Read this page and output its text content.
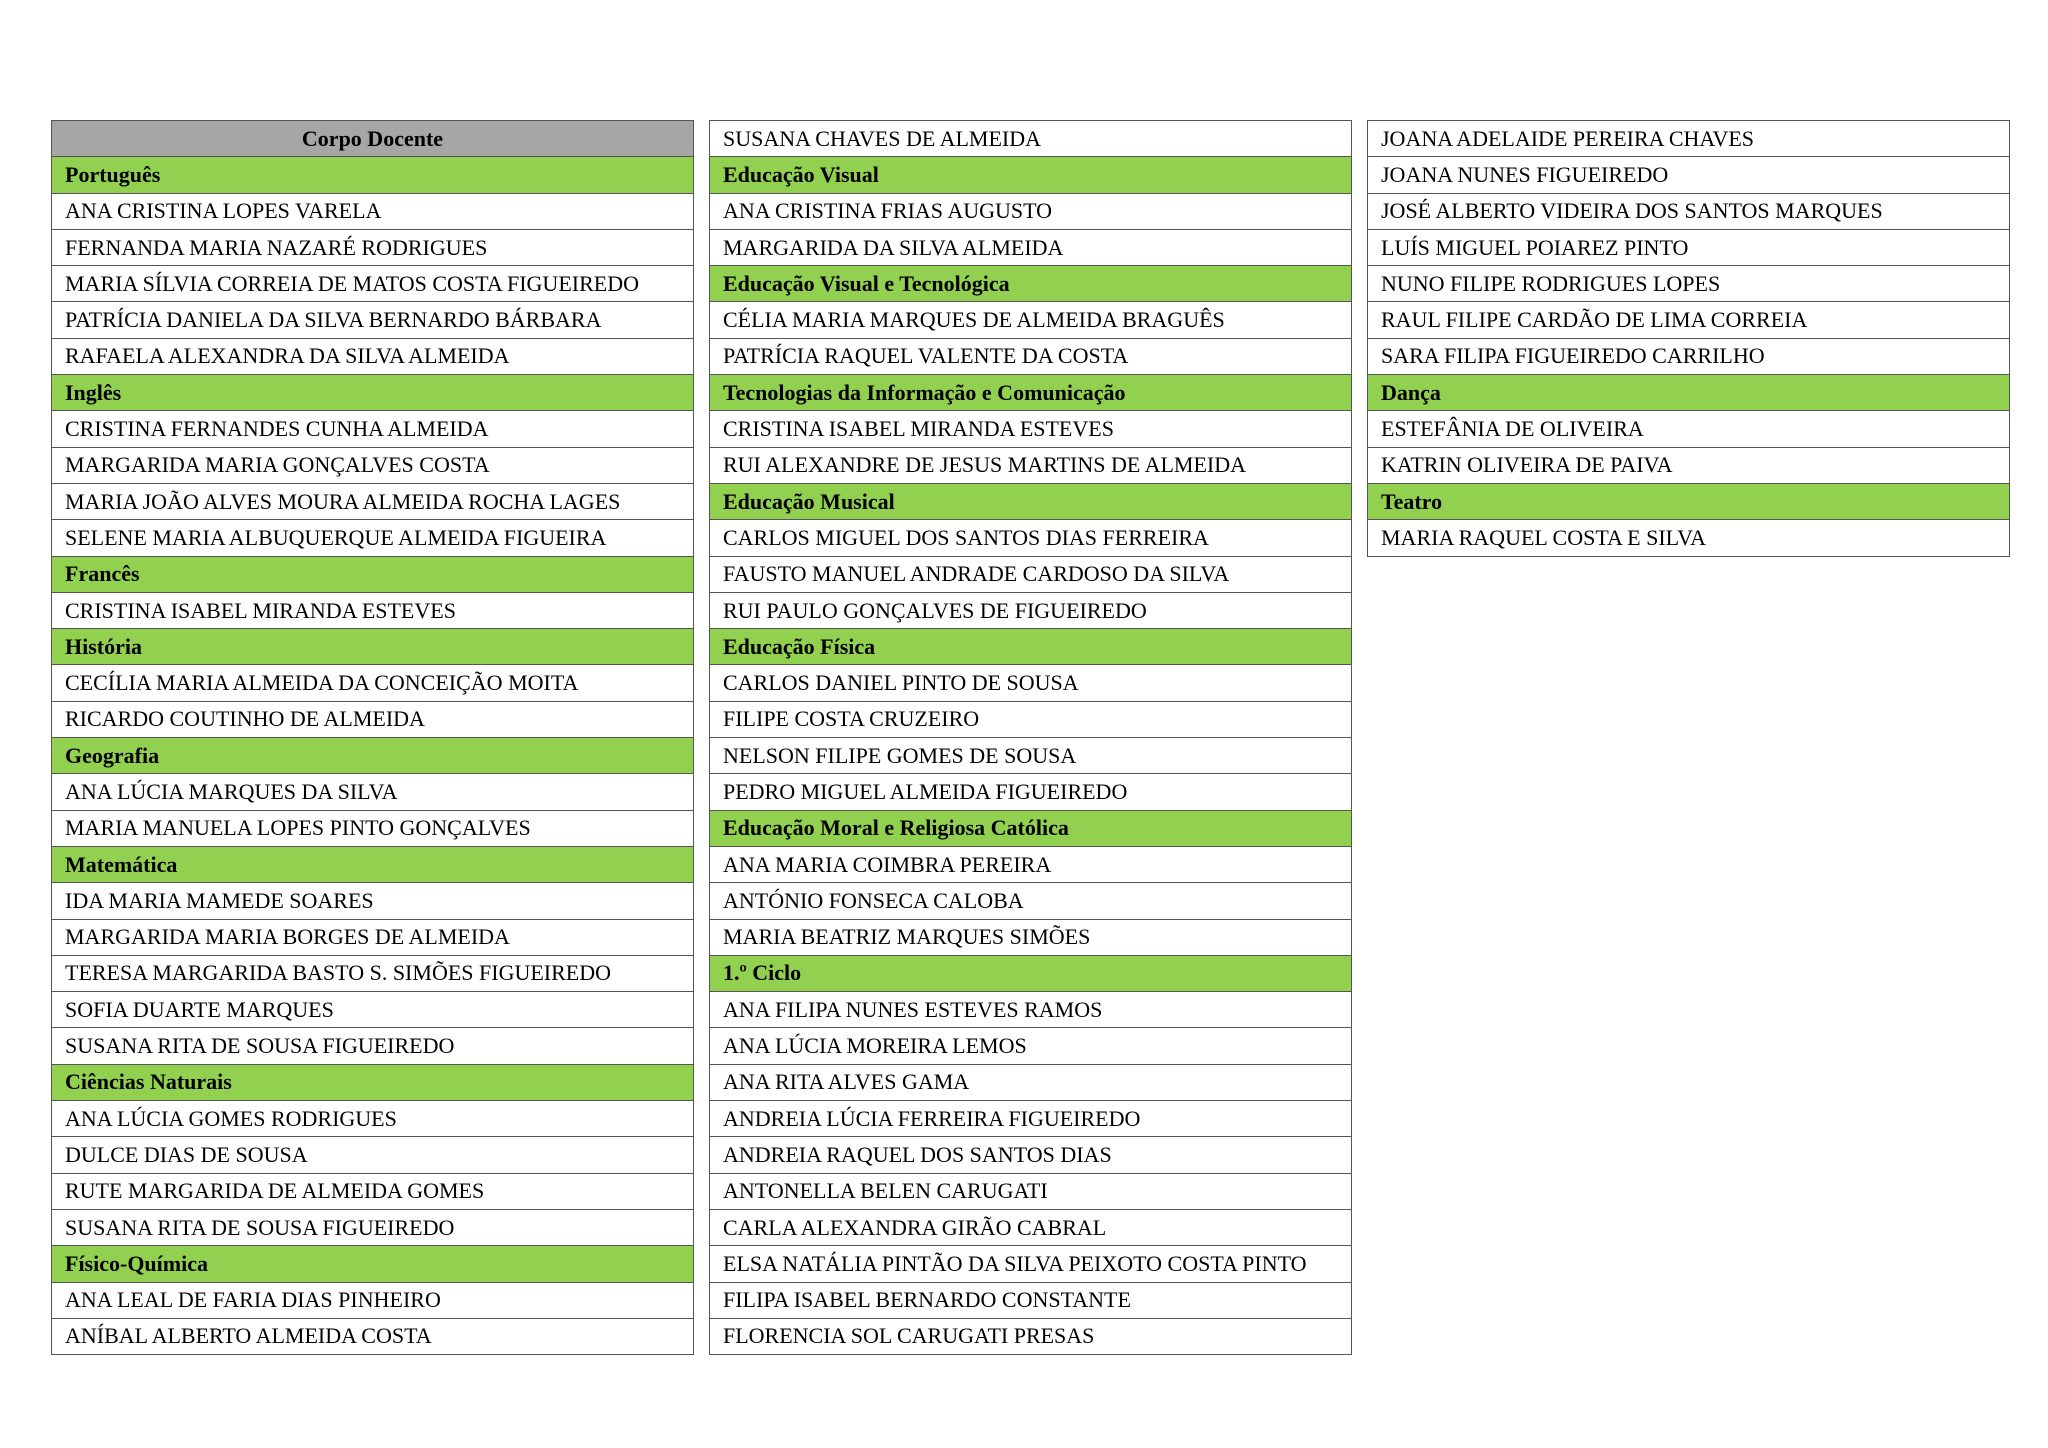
Corpo Docente
Português
ANA CRISTINA LOPES VARELA
FERNANDA MARIA NAZARÉ RODRIGUES
MARIA SÍLVIA CORREIA DE MATOS COSTA FIGUEIREDO
PATRÍCIA DANIELA DA SILVA BERNARDO BÁRBARA
RAFAELA ALEXANDRA DA SILVA ALMEIDA
Inglês
CRISTINA FERNANDES CUNHA ALMEIDA
MARGARIDA MARIA GONÇALVES COSTA
MARIA JOÃO ALVES MOURA ALMEIDA ROCHA LAGES
SELENE MARIA ALBUQUERQUE ALMEIDA FIGUEIRA
Francês
CRISTINA ISABEL MIRANDA ESTEVES
História
CECÍLIA MARIA ALMEIDA DA CONCEIÇÃO MOITA
RICARDO COUTINHO DE ALMEIDA
Geografia
ANA LÚCIA MARQUES DA SILVA
MARIA MANUELA LOPES PINTO GONÇALVES
Matemática
IDA MARIA MAMEDE SOARES
MARGARIDA MARIA BORGES DE ALMEIDA
TERESA MARGARIDA BASTO S. SIMÕES FIGUEIREDO
SOFIA DUARTE MARQUES
SUSANA RITA DE SOUSA FIGUEIREDO
Ciências Naturais
ANA LÚCIA GOMES RODRIGUES
DULCE DIAS DE SOUSA
RUTE MARGARIDA DE ALMEIDA GOMES
SUSANA RITA DE SOUSA FIGUEIREDO
Físico-Química
ANA LEAL DE FARIA DIAS PINHEIRO
ANÍBAL ALBERTO ALMEIDA COSTA
SUSANA CHAVES DE ALMEIDA
Educação Visual
ANA CRISTINA FRIAS AUGUSTO
MARGARIDA DA SILVA ALMEIDA
Educação Visual e Tecnológica
CÉLIA MARIA MARQUES DE ALMEIDA BRAGUÊS
PATRÍCIA RAQUEL VALENTE DA COSTA
Tecnologias da Informação e Comunicação
CRISTINA ISABEL MIRANDA ESTEVES
RUI ALEXANDRE DE JESUS MARTINS DE ALMEIDA
Educação Musical
CARLOS MIGUEL DOS SANTOS DIAS FERREIRA
FAUSTO MANUEL ANDRADE CARDOSO DA SILVA
RUI PAULO GONÇALVES DE FIGUEIREDO
Educação Física
CARLOS DANIEL PINTO DE SOUSA
FILIPE COSTA CRUZEIRO
NELSON FILIPE GOMES DE SOUSA
PEDRO MIGUEL ALMEIDA FIGUEIREDO
Educação Moral e Religiosa Católica
ANA MARIA COIMBRA PEREIRA
ANTÓNIO FONSECA CALOBA
MARIA BEATRIZ MARQUES SIMÕES
1.º Ciclo
ANA FILIPA NUNES ESTEVES RAMOS
ANA LÚCIA MOREIRA LEMOS
ANA RITA ALVES GAMA
ANDREIA LÚCIA FERREIRA FIGUEIREDO
ANDREIA RAQUEL DOS SANTOS DIAS
ANTONELLA BELEN CARUGATI
CARLA ALEXANDRA GIRÃO CABRAL
ELSA NATÁLIA PINTÃO DA SILVA PEIXOTO COSTA PINTO
FILIPA ISABEL BERNARDO CONSTANTE
FLORENCIA SOL CARUGATI PRESAS
JOANA ADELAIDE PEREIRA CHAVES
JOANA NUNES FIGUEIREDO
JOSÉ ALBERTO VIDEIRA DOS SANTOS MARQUES
LUÍS MIGUEL POIAREZ PINTO
NUNO FILIPE RODRIGUES LOPES
RAUL FILIPE CARDÃO DE LIMA CORREIA
SARA FILIPA FIGUEIREDO CARRILHO
Dança
ESTEFÂNIA DE OLIVEIRA
KATRIN OLIVEIRA DE PAIVA
Teatro
MARIA RAQUEL COSTA E SILVA
